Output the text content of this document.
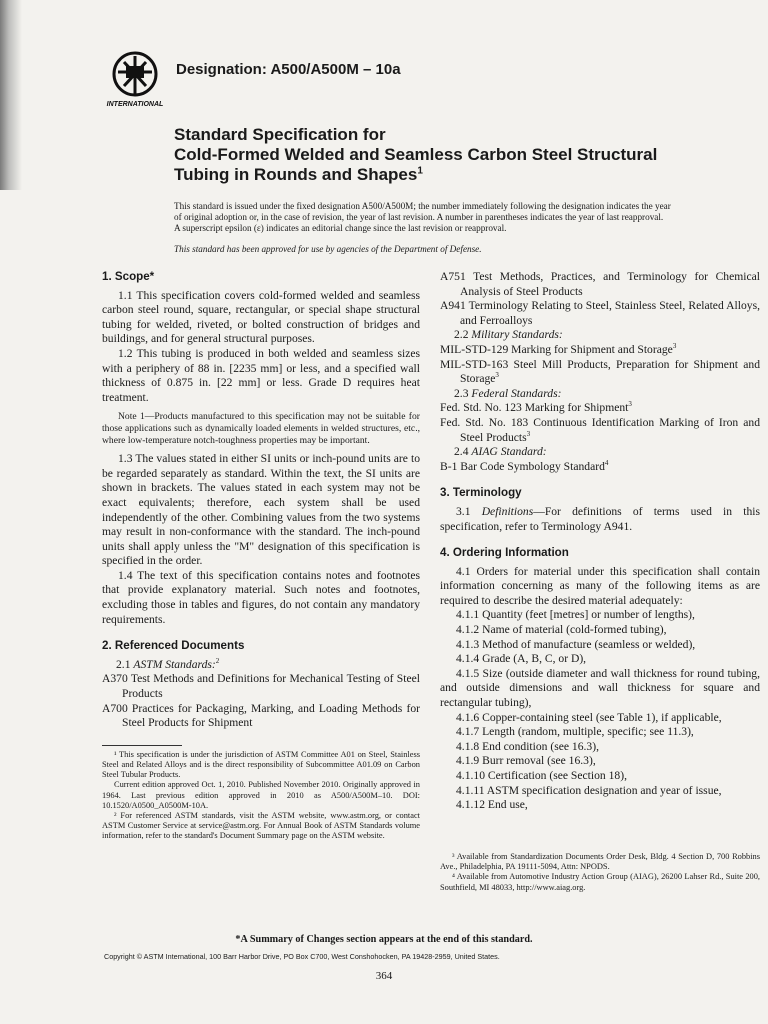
INTERNATIONAL
Designation: A500/A500M – 10a
Standard Specification for
Cold-Formed Welded and Seamless Carbon Steel Structural
Tubing in Rounds and Shapes$^1$

This standard is issued under the fixed designation A500/A500M; the number immediately following the designation indicates the year

of original adoption or, in the case of revision, the year of last revision. A number in parentheses indicates the year of last reapproval.

A superscript epsilon (ε) indicates an editorial change since the last revision or reapproval.

This standard has been approved for use by agencies of the Department of Defense.

1. Scope*

1.1 This specification covers cold-formed welded and seamless carbon steel round, square, rectangular, or special shape structural tubing for welded, riveted, or bolted construction of bridges and buildings, and for general structural purposes.

1.2 This tubing is produced in both welded and seamless sizes with a periphery of 88 in. [2235 mm] or less, and a specified wall thickness of 0.875 in. [22 mm] or less. Grade D requires heat treatment.

Note 1—Products manufactured to this specification may not be suitable for those applications such as dynamically loaded elements in welded structures, etc., where low-temperature notch-toughness properties may be important.

1.3 The values stated in either SI units or inch-pound units are to be regarded separately as standard. Within the text, the SI units are shown in brackets. The values stated in each system may not be exact equivalents; therefore, each system shall be used independently of the other. Combining values from the two systems may result in non-conformance with the standard. The inch-pound units shall apply unless the "M" designation of this specification is specified in the order.

1.4 The text of this specification contains notes and footnotes that provide explanatory material. Such notes and footnotes, excluding those in tables and figures, do not contain any mandatory requirements.

2. Referenced Documents

2.1 ASTM Standards:$^2$

A370 Test Methods and Definitions for Mechanical Testing of Steel Products

A700 Practices for Packaging, Marking, and Loading Methods for Steel Products for Shipment

¹ This specification is under the jurisdiction of ASTM Committee A01 on Steel, Stainless Steel and Related Alloys and is the direct responsibility of Subcommittee A01.09 on Carbon Steel Tubular Products.

Current edition approved Oct. 1, 2010. Published November 2010. Originally approved in 1964. Last previous edition approved in 2010 as A500/A500M–10. DOI: 10.1520/A0500_A0500M-10A.

² For referenced ASTM standards, visit the ASTM website, www.astm.org, or contact ASTM Customer Service at service@astm.org. For Annual Book of ASTM Standards volume information, refer to the standard's Document Summary page on the ASTM website.

A751 Test Methods, Practices, and Terminology for Chemical Analysis of Steel Products

A941 Terminology Relating to Steel, Stainless Steel, Related Alloys, and Ferroalloys

2.2 Military Standards:

MIL-STD-129 Marking for Shipment and Storage$^3$

MIL-STD-163 Steel Mill Products, Preparation for Shipment and Storage$^3$

2.3 Federal Standards:

Fed. Std. No. 123 Marking for Shipment$^3$

Fed. Std. No. 183 Continuous Identification Marking of Iron and Steel Products$^3$

2.4 AIAG Standard:

B-1 Bar Code Symbology Standard$^4$

3. Terminology

3.1 Definitions—For definitions of terms used in this specification, refer to Terminology A941.

4. Ordering Information

4.1 Orders for material under this specification shall contain information concerning as many of the following items as are required to describe the desired material adequately:

4.1.1 Quantity (feet [metres] or number of lengths),

4.1.2 Name of material (cold-formed tubing),

4.1.3 Method of manufacture (seamless or welded),

4.1.4 Grade (A, B, C, or D),

4.1.5 Size (outside diameter and wall thickness for round tubing, and outside dimensions and wall thickness for square and rectangular tubing),

4.1.6 Copper-containing steel (see Table 1), if applicable,

4.1.7 Length (random, multiple, specific; see 11.3),

4.1.8 End condition (see 16.3),

4.1.9 Burr removal (see 16.3),

4.1.10 Certification (see Section 18),

4.1.11 ASTM specification designation and year of issue,

4.1.12 End use,

³ Available from Standardization Documents Order Desk, Bldg. 4 Section D, 700 Robbins Ave., Philadelphia, PA 19111-5094, Attn: NPODS.

⁴ Available from Automotive Industry Action Group (AIAG), 26200 Lahser Rd., Suite 200, Southfield, MI 48033, http://www.aiag.org.

*A Summary of Changes section appears at the end of this standard.
Copyright © ASTM International, 100 Barr Harbor Drive, PO Box C700, West Conshohocken, PA 19428-2959, United States.
364
